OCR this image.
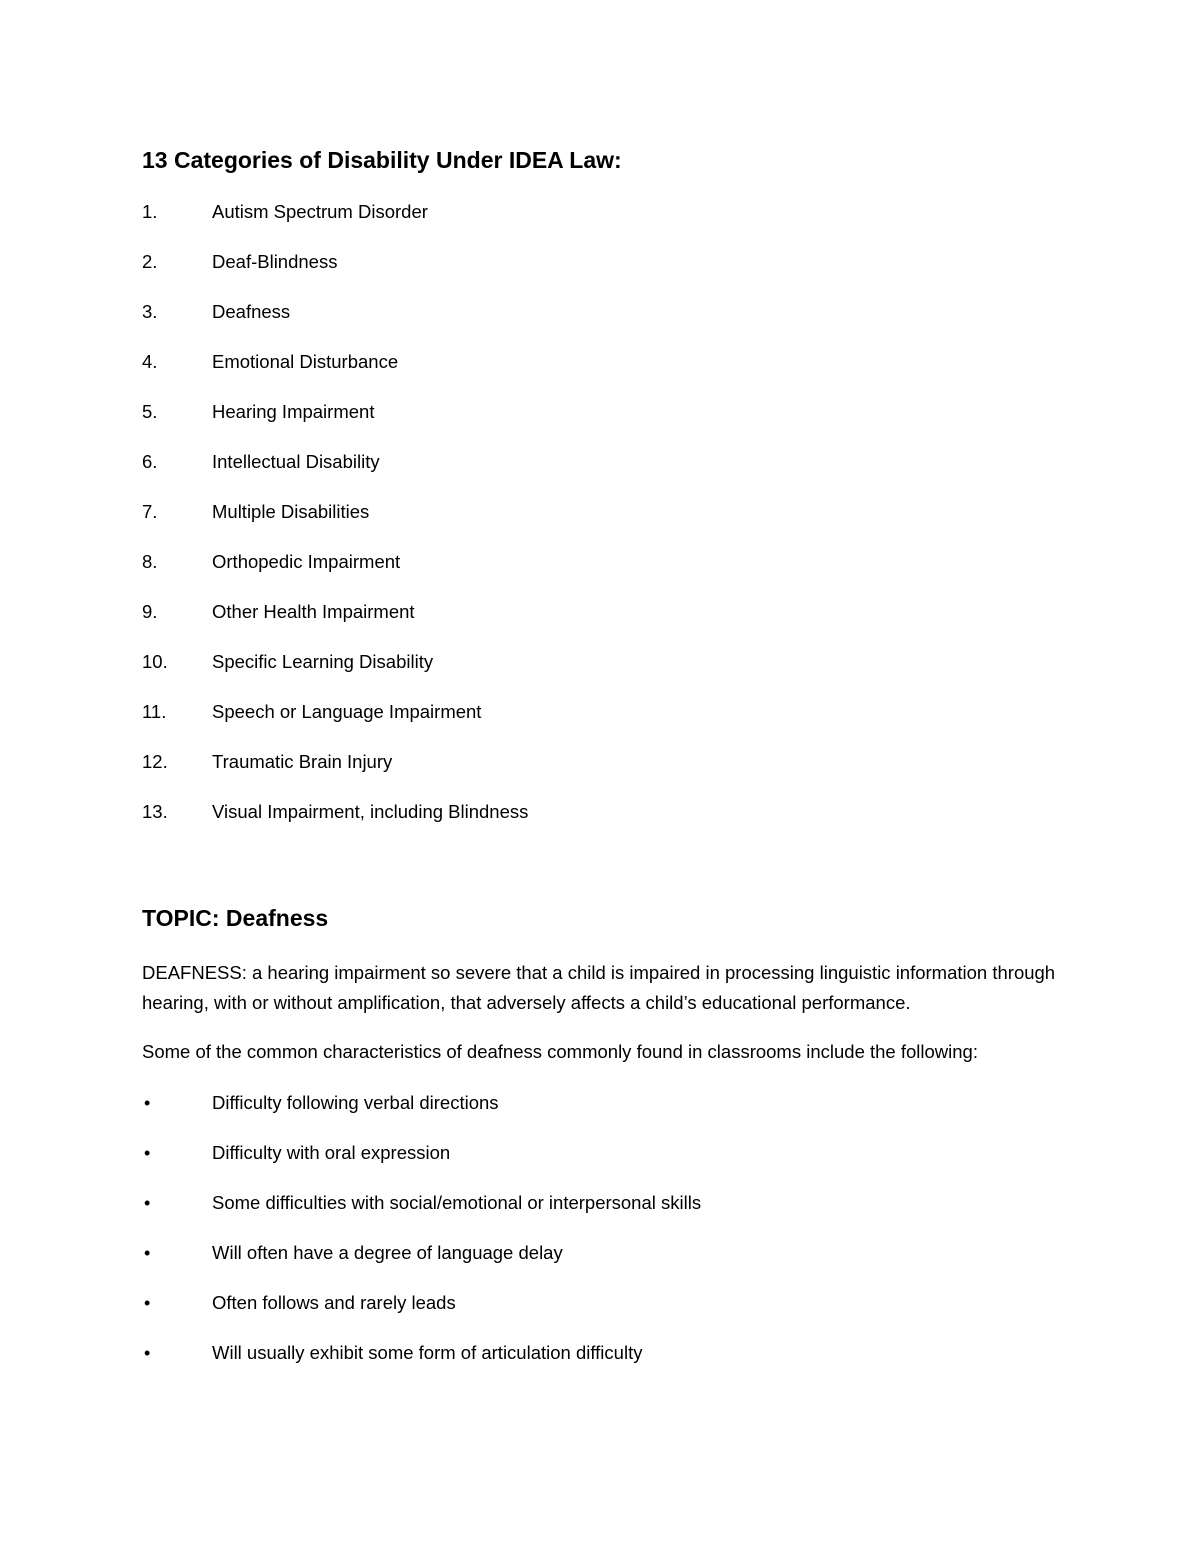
13 Categories of Disability Under IDEA Law:
1.	Autism Spectrum Disorder
2.	Deaf-Blindness
3.	Deafness
4.	Emotional Disturbance
5.	Hearing Impairment
6.	Intellectual Disability
7.	Multiple Disabilities
8.	Orthopedic Impairment
9.	Other Health Impairment
10. Specific Learning Disability
11. Speech or Language Impairment
12. Traumatic Brain Injury
13. Visual Impairment, including Blindness
TOPIC: Deafness

DEAFNESS: a hearing impairment so severe that a child is impaired in processing linguistic information through hearing, with or without amplification, that adversely affects a child’s educational performance.

Some of the common characteristics of deafness commonly found in classrooms include the following:

•	Difficulty following verbal directions
•	Difficulty with oral expression
•	Some difficulties with social/emotional or interpersonal skills
•	Will often have a degree of language delay
•	Often follows and rarely leads
•	Will usually exhibit some form of articulation difficulty
